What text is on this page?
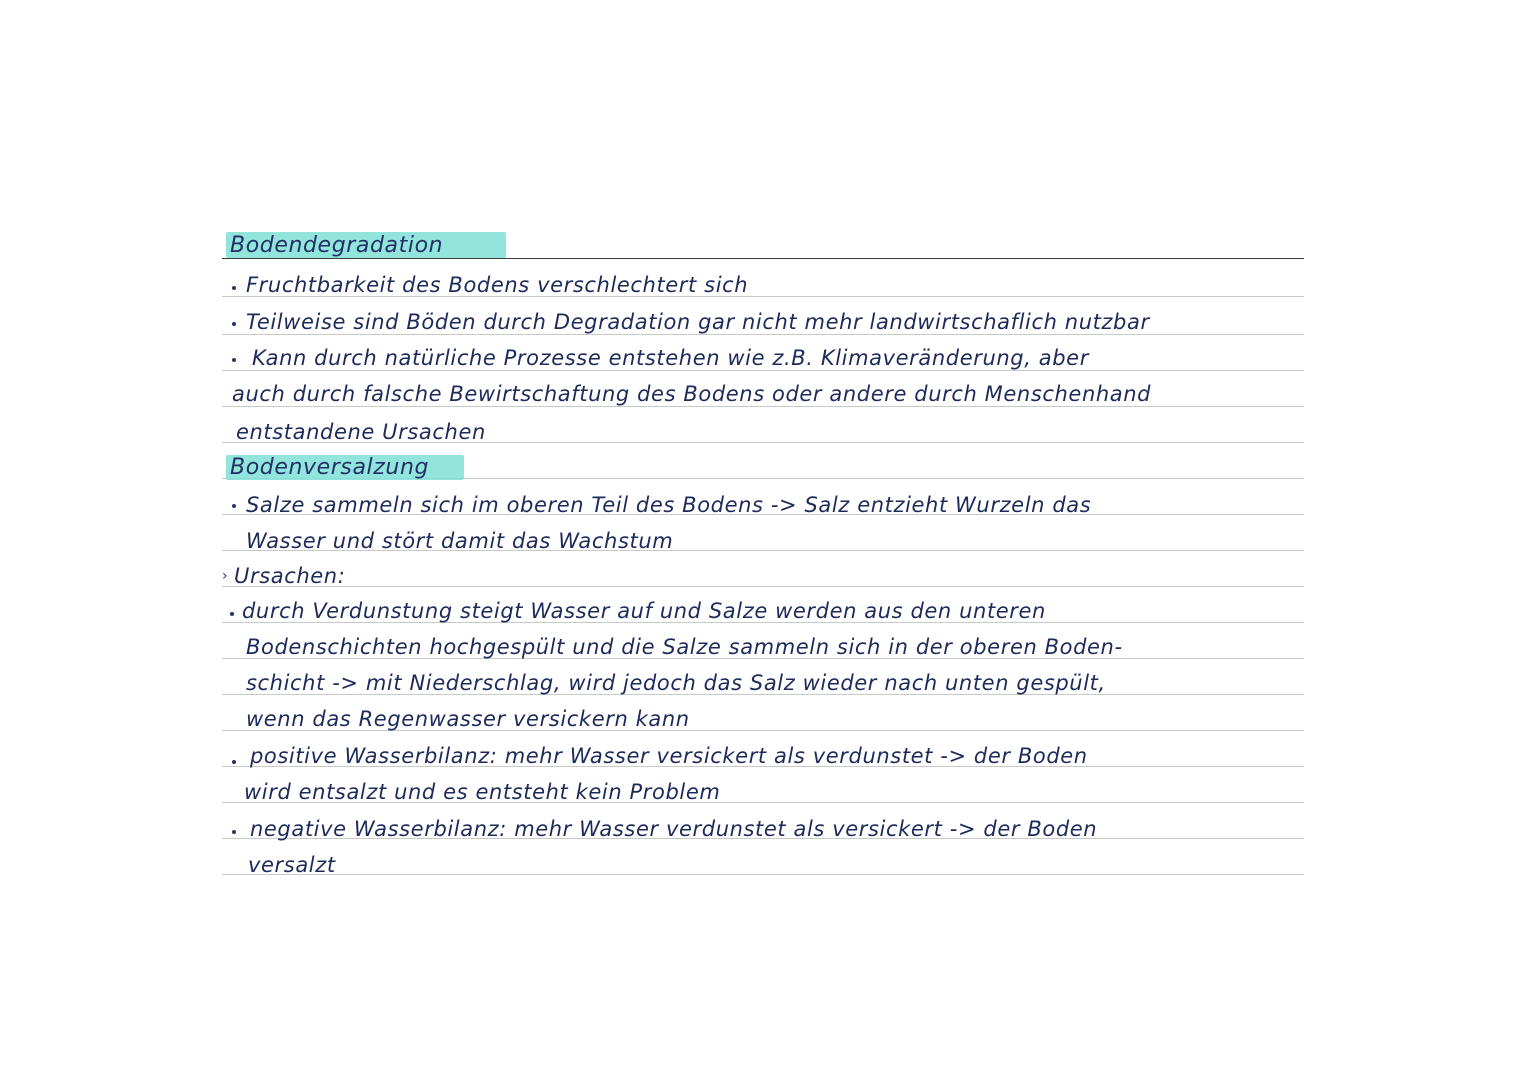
Bodendegradation
Fruchtbarkeit des Bodens verschlechtert sich
Teilweise sind Böden durch Degradation gar nicht mehr landwirtschaflich nutzbar
Kann durch natürliche Prozesse entstehen wie z.B. Klimaveränderung, aber
auch durch falsche Bewirtschaftung des Bodens oder andere durch Menschenhand
entstandene Ursachen
Bodenversalzung
Salze sammeln sich im oberen Teil des Bodens -> Salz entzieht Wurzeln das
Wasser und stört damit das Wachstum
› Ursachen:
durch Verdunstung steigt Wasser auf und Salze werden aus den unteren
Bodenschichten hochgespült und die Salze sammeln sich in der oberen Boden-
schicht -> mit Niederschlag, wird jedoch das Salz wieder nach unten gespült,
wenn das Regenwasser versickern kann
positive Wasserbilanz: mehr Wasser versickert als verdunstet -> der Boden
wird entsalzt und es entsteht kein Problem
negative Wasserbilanz: mehr Wasser verdunstet als versickert -> der Boden
versalzt
